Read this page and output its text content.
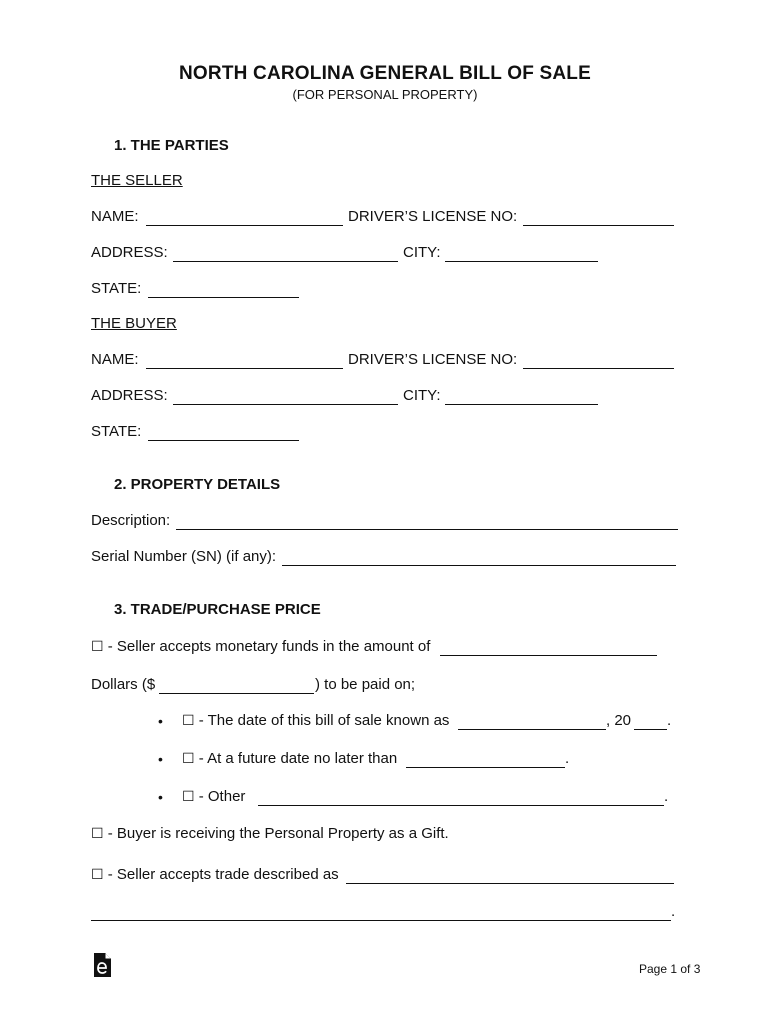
NORTH CAROLINA GENERAL BILL OF SALE
(FOR PERSONAL PROPERTY)
1. THE PARTIES
THE SELLER
NAME:	DRIVER’S LICENSE NO:
ADDRESS:	CITY:
STATE:
THE BUYER
NAME:	DRIVER’S LICENSE NO:
ADDRESS:	CITY:
STATE:
2. PROPERTY DETAILS
Description:
Serial Number (SN) (if any):
3. TRADE/PURCHASE PRICE
☐ - Seller accepts monetary funds in the amount of
Dollars ($	) to be paid on;
• ☐ - The date of this bill of sale known as	, 20 .
• ☐ - At a future date no later than	.
• ☐ - Other	.
☐ - Buyer is receiving the Personal Property as a Gift.
☐ - Seller accepts trade described as
.
Page 1 of 3
